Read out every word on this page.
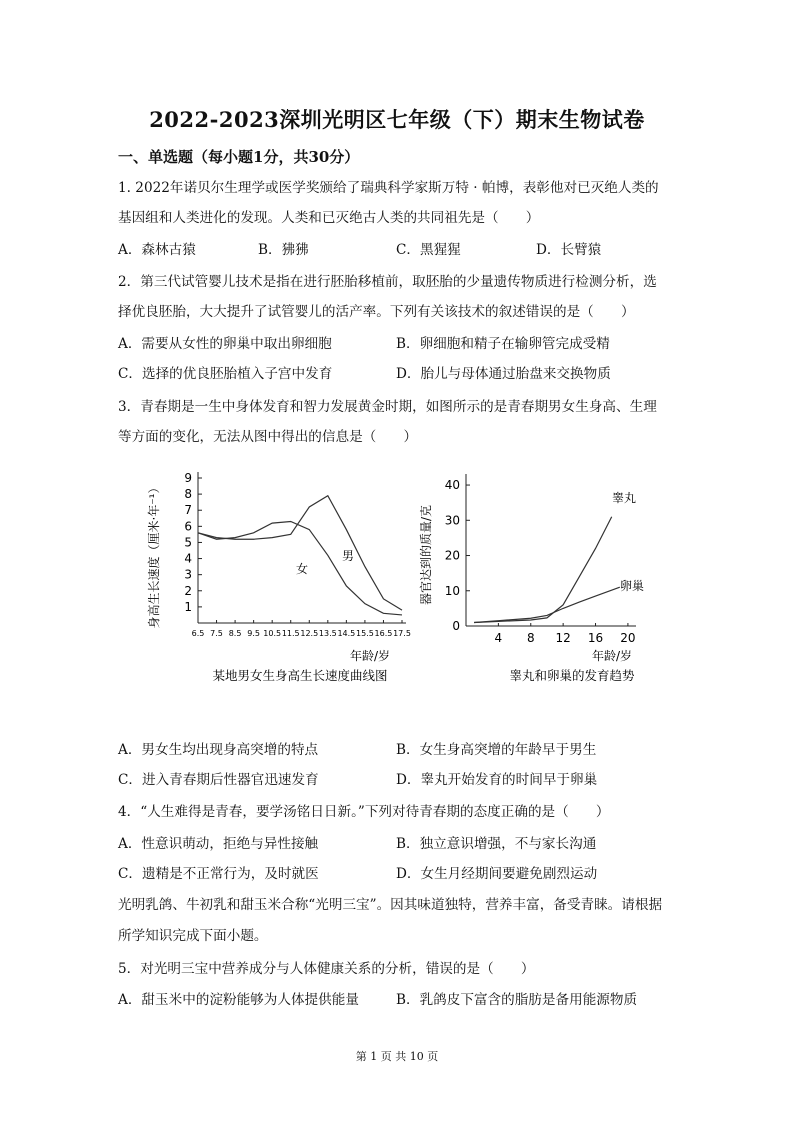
2022-2023深圳光明区七年级（下）期末生物试卷
一、单选题（每小题1分，共30分）
1. 2022年诺贝尔生理学或医学奖颁给了瑞典科学家斯万特 · 帕博，表彰他对已灭绝人类的
基因组和人类进化的发现。人类和已灭绝古人类的共同祖先是（　　）
A．森林古猿	B．狒狒	C．黑猩猩	D．长臂猿
2．第三代试管婴儿技术是指在进行胚胎移植前，取胚胎的少量遗传物质进行检测分析，选
择优良胚胎，大大提升了试管婴儿的活产率。下列有关该技术的叙述错误的是（　　）
A．需要从女性的卵巢中取出卵细胞	B．卵细胞和精子在输卵管完成受精
C．选择的优良胚胎植入子宫中发育	D．胎儿与母体通过胎盘来交换物质
3．青春期是一生中身体发育和智力发展黄金时期，如图所示的是青春期男女生身高、生理
等方面的变化，无法从图中得出的信息是（　　）
身高生长速度（厘米·年⁻¹）
年龄/岁
某地男女生身高生长速度曲线图
1
2
3
4
5
6
7
8
9
6.5 7.5 8.5 9.5 10.5 11.5 12.5 13.5 14.5 15.5 16.5 17.5
女
男	器官达到的质量/克
年龄/岁
睾丸和卵巢的发育趋势
0
10
20
30
40
4 8 12 16 20
睾丸
卵巢
A．男女生均出现身高突增的特点	B．女生身高突增的年龄早于男生
C．进入青春期后性器官迅速发育	D．睾丸开始发育的时间早于卵巢
4．“人生难得是青春，要学汤铭日日新。”下列对待青春期的态度正确的是（　　）
A．性意识萌动，拒绝与异性接触	B．独立意识增强，不与家长沟通
C．遗精是不正常行为，及时就医	D．女生月经期间要避免剧烈运动
光明乳鸽、牛初乳和甜玉米合称“光明三宝”。因其味道独特，营养丰富，备受青睐。请根据
所学知识完成下面小题。
5．对光明三宝中营养成分与人体健康关系的分析，错误的是（　　）
A．甜玉米中的淀粉能够为人体提供能量	B．乳鸽皮下富含的脂肪是备用能源物质
第 1 页 共 10 页
